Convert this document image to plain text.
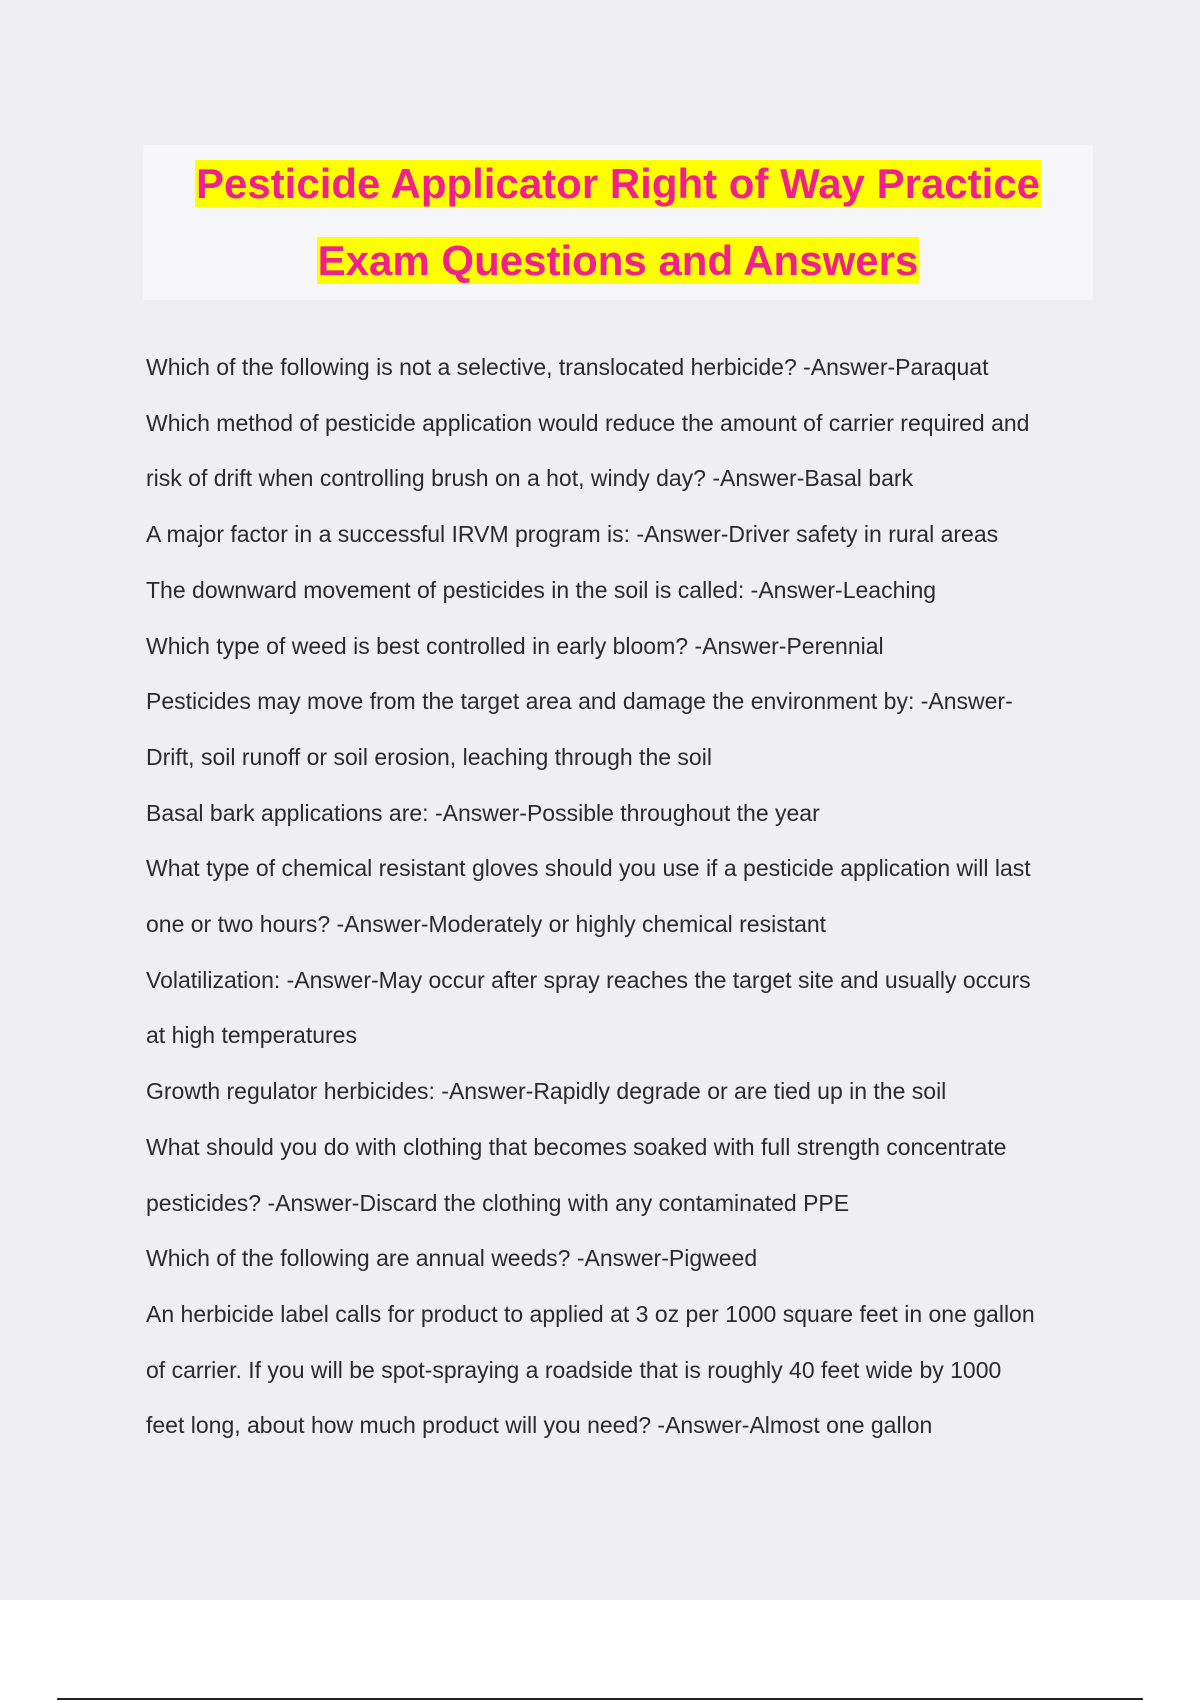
Pesticide Applicator Right of Way Practice
Exam Questions and Answers
Which of the following is not a selective, translocated herbicide? -Answer-Paraquat
Which method of pesticide application would reduce the amount of carrier required and
risk of drift when controlling brush on a hot, windy day? -Answer-Basal bark
A major factor in a successful IRVM program is: -Answer-Driver safety in rural areas
The downward movement of pesticides in the soil is called: -Answer-Leaching
Which type of weed is best controlled in early bloom? -Answer-Perennial
Pesticides may move from the target area and damage the environment by: -Answer-
Drift, soil runoff or soil erosion, leaching through the soil
Basal bark applications are: -Answer-Possible throughout the year
What type of chemical resistant gloves should you use if a pesticide application will last
one or two hours? -Answer-Moderately or highly chemical resistant
Volatilization: -Answer-May occur after spray reaches the target site and usually occurs
at high temperatures
Growth regulator herbicides: -Answer-Rapidly degrade or are tied up in the soil
What should you do with clothing that becomes soaked with full strength concentrate
pesticides? -Answer-Discard the clothing with any contaminated PPE
Which of the following are annual weeds? -Answer-Pigweed
An herbicide label calls for product to applied at 3 oz per 1000 square feet in one gallon
of carrier. If you will be spot-spraying a roadside that is roughly 40 feet wide by 1000
feet long, about how much product will you need? -Answer-Almost one gallon
